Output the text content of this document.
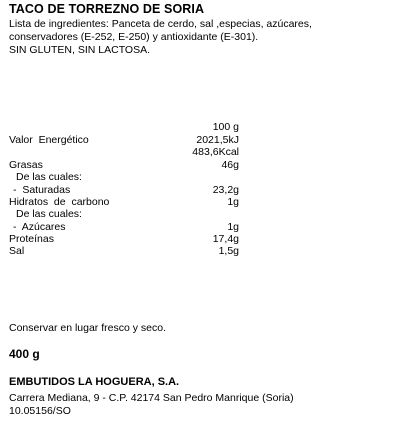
TACO DE TORREZNO DE SORIA
Lista de ingredientes: Panceta de cerdo, sal ,especias, azúcares,
conservadores (E-252, E-250) y antioxidante (E-301).
SIN GLUTEN, SIN LACTOSA.
100 g
Valor  Energético	2021,5kJ
483,6Kcal
Grasas	46g
De las cuales:
-  Saturadas	23,2g
Hidratos  de  carbono	1g
De las cuales:
-  Azúcares	1g
Proteínas	17,4g
Sal	1,5g
Conservar en lugar fresco y seco.
400 g
EMBUTIDOS LA HOGUERA, S.A.
Carrera Mediana, 9 - C.P. 42174 San Pedro Manrique (Soria)
10.05156/SO
